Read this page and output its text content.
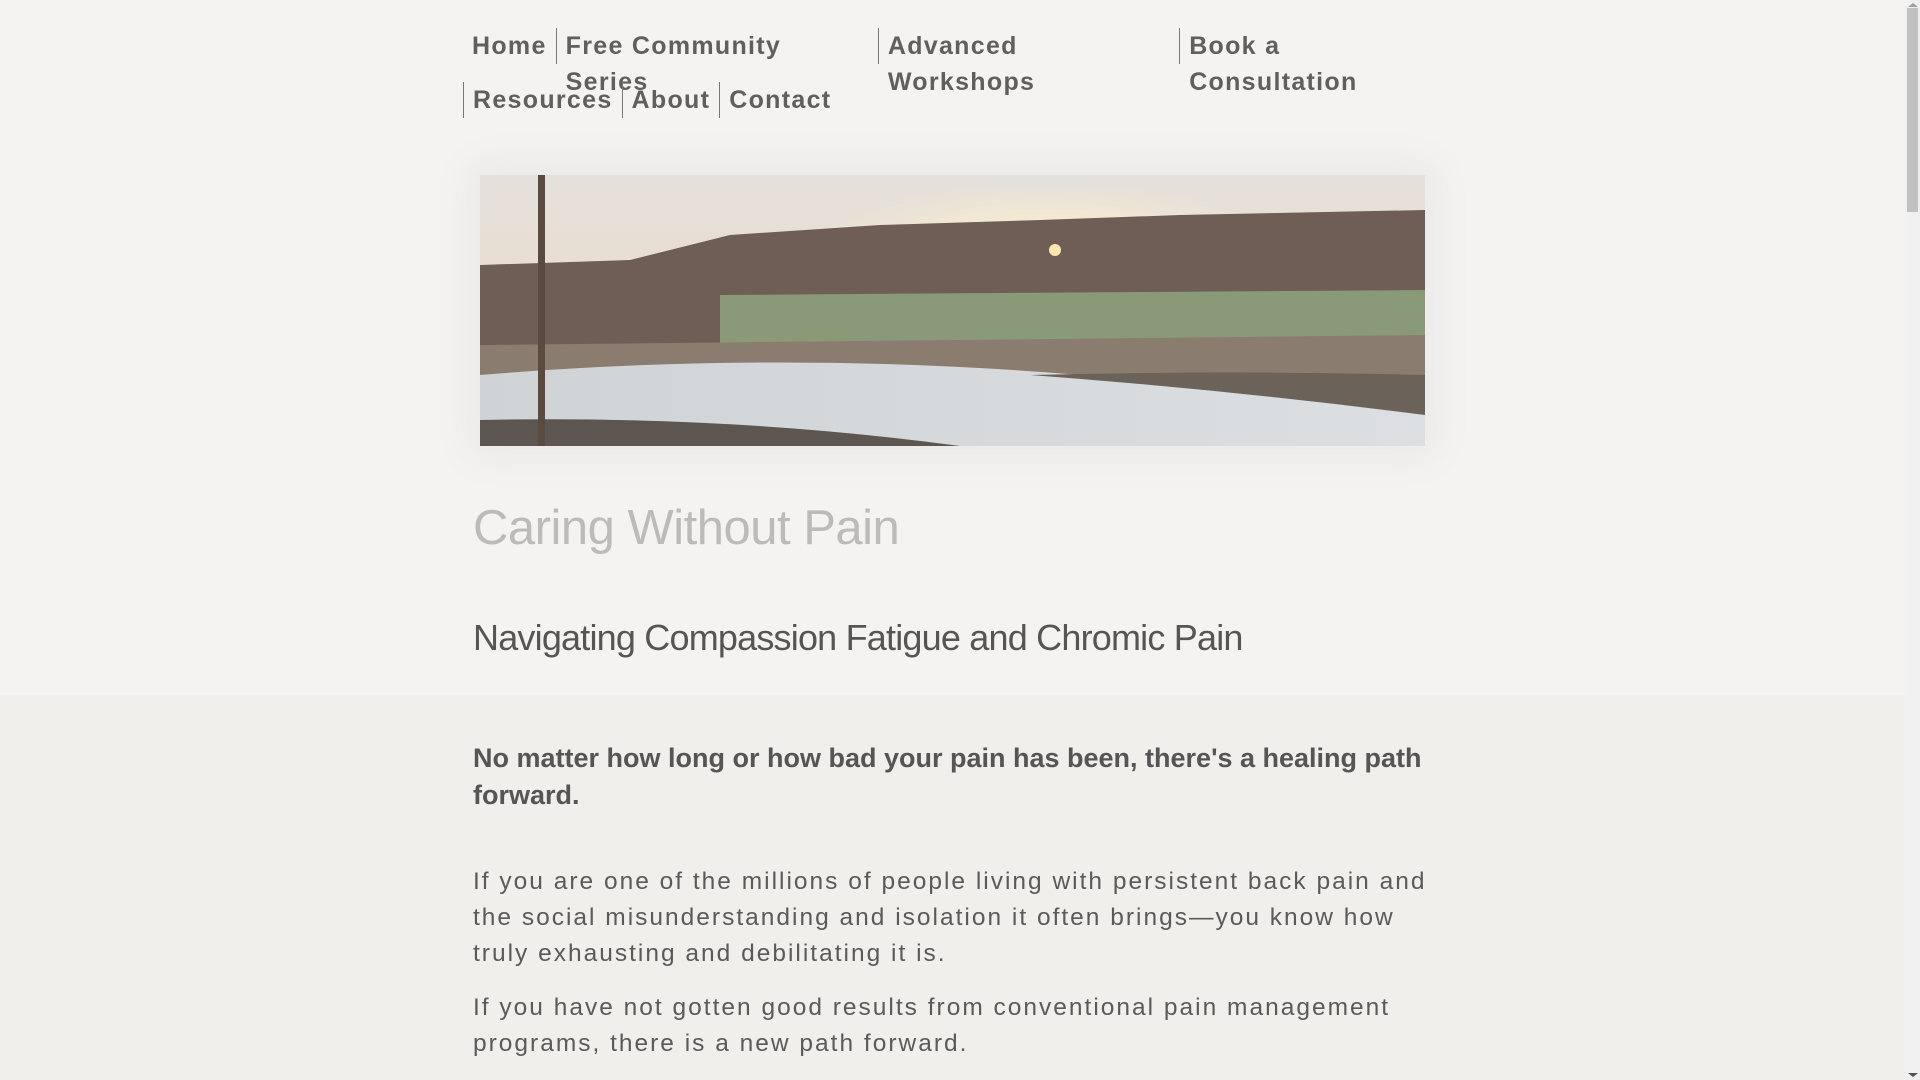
Home Free Community Series
Advanced Workshops
Book a Consultation
Resources About Contact
Caring Without Pain
Navigating Compassion Fatigue and Chromic Pain

No matter how long or how bad your pain has been, there's a healing path forward.

If you are one of the millions of people living with persistent back pain and the social misunderstanding and isolation it often brings—you know how truly exhausting and debilitating it is.

If you have not gotten good results from conventional pain management programs, there is a new path forward.
